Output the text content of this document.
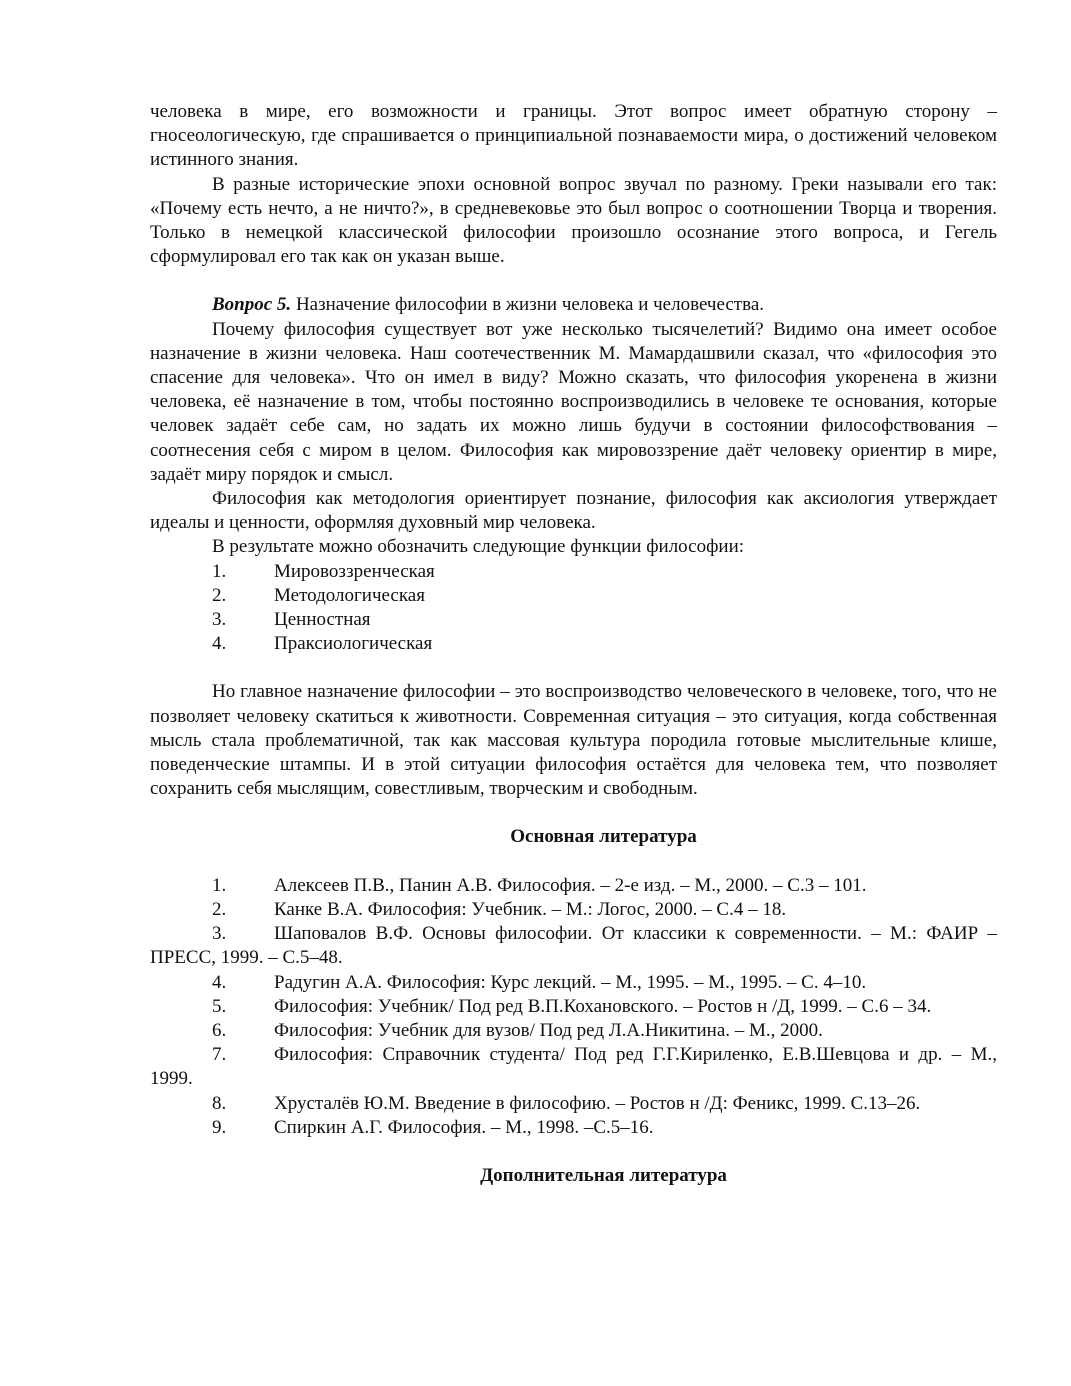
человека в мире, его возможности и границы. Этот вопрос имеет обратную сторону – гносеологическую, где спрашивается о принципиальной познаваемости мира, о достижений человеком истинного знания.

В разные исторические эпохи основной вопрос звучал по разному. Греки называли его так: «Почему есть нечто, а не ничто?», в средневековье это был вопрос о соотношении Творца и творения. Только в немецкой классической философии произошло осознание этого вопроса, и Гегель сформулировал его так как он указан выше.

Вопрос 5. Назначение философии в жизни человека и человечества.

Почему философия существует вот уже несколько тысячелетий? Видимо она имеет особое назначение в жизни человека. Наш соотечественник М. Мамардашвили сказал, что «философия это спасение для человека». Что он имел в виду? Можно сказать, что философия укоренена в жизни человека, её назначение в том, чтобы постоянно воспроизводились в человеке те основания, которые человек задаёт себе сам, но задать их можно лишь будучи в состоянии философствования – соотнесения себя с миром в целом. Философия как мировоззрение даёт человеку ориентир в мире, задаёт миру порядок и смысл.

Философия как методология ориентирует познание, философия как аксиология утверждает идеалы и ценности, оформляя духовный мир человека.

В результате можно обозначить следующие функции философии:

1.	Мировоззренческая
2.	Методологическая
3.	Ценностная
4.	Праксиологическая

Но главное назначение философии – это воспроизводство человеческого в человеке, того, что не позволяет человеку скатиться к животности. Современная ситуация – это ситуация, когда собственная мысль стала проблематичной, так как массовая культура породила готовые мыслительные клише, поведенческие штампы. И в этой ситуации философия остаётся для человека тем, что позволяет сохранить себя мыслящим, совестливым, творческим и свободным.

Основная литература

1.	Алексеев П.В., Панин А.В. Философия. – 2-е изд. – М., 2000. – С.3 – 101.

2.	Канке В.А. Философия: Учебник. – М.: Логос, 2000. – С.4 – 18.

3.	Шаповалов В.Ф. Основы философии. От классики к современности. – М.: ФАИР – ПРЕСС, 1999. – С.5–48.

4.	Радугин А.А. Философия: Курс лекций. – М., 1995. – М., 1995. – С. 4–10.

5.	Философия: Учебник/ Под ред В.П.Кохановского. – Ростов н /Д, 1999. – С.6 – 34.

6.	Философия: Учебник для вузов/ Под ред Л.А.Никитина. – М., 2000.

7.	Философия: Справочник студента/ Под ред Г.Г.Кириленко, Е.В.Шевцова и др. – М., 1999.

8.	Хрусталёв Ю.М. Введение в философию. – Ростов н /Д: Феникс, 1999. С.13–26.

9.	Спиркин А.Г. Философия. – М., 1998. –С.5–16.

Дополнительная литература
